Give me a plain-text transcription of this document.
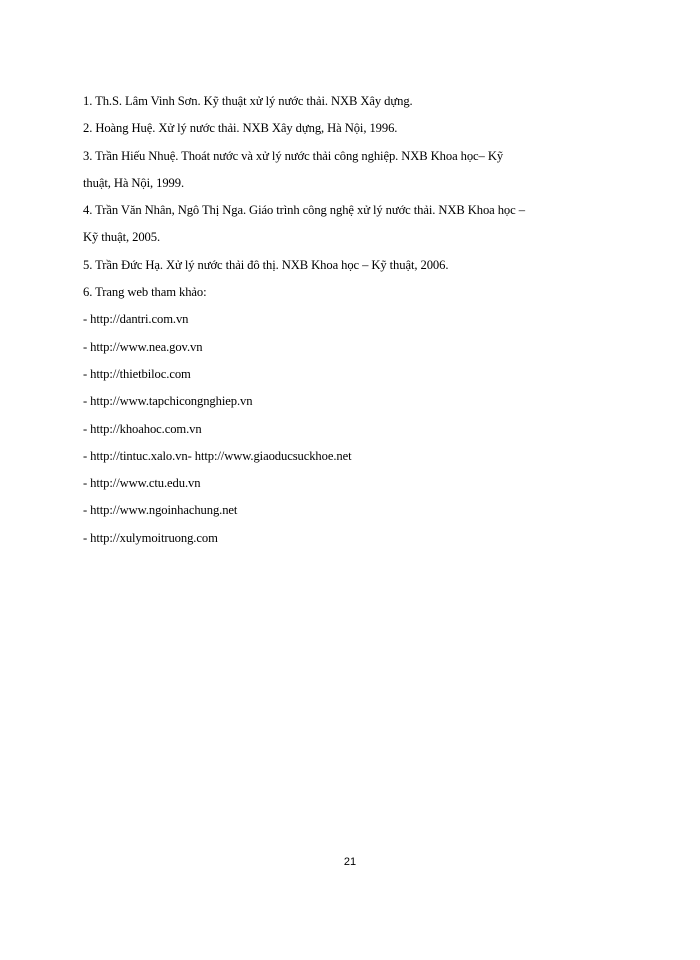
1. Th.S. Lâm Vinh Sơn. Kỹ thuật xử lý nước thải. NXB Xây dựng.
2. Hoàng Huệ. Xử lý nước thải. NXB Xây dựng, Hà Nội, 1996.
3. Trần Hiếu Nhuệ. Thoát nước và xử lý nước thải công nghiệp. NXB Khoa học– Kỹ
thuật, Hà Nội, 1999.
4. Trần Văn Nhân, Ngô Thị Nga. Giáo trình công nghệ xử lý nước thải. NXB Khoa học –
Kỹ thuật, 2005.
5. Trần Đức Hạ. Xử lý nước thải đô thị. NXB Khoa học – Kỹ thuật, 2006.
6. Trang web tham khảo:
- http://dantri.com.vn
- http://www.nea.gov.vn
- http://thietbiloc.com
- http://www.tapchicongnghiep.vn
- http://khoahoc.com.vn
- http://tintuc.xalo.vn- http://www.giaoducsuckhoe.net
- http://www.ctu.edu.vn
- http://www.ngoinhachung.net
- http://xulymoitruong.com
21
